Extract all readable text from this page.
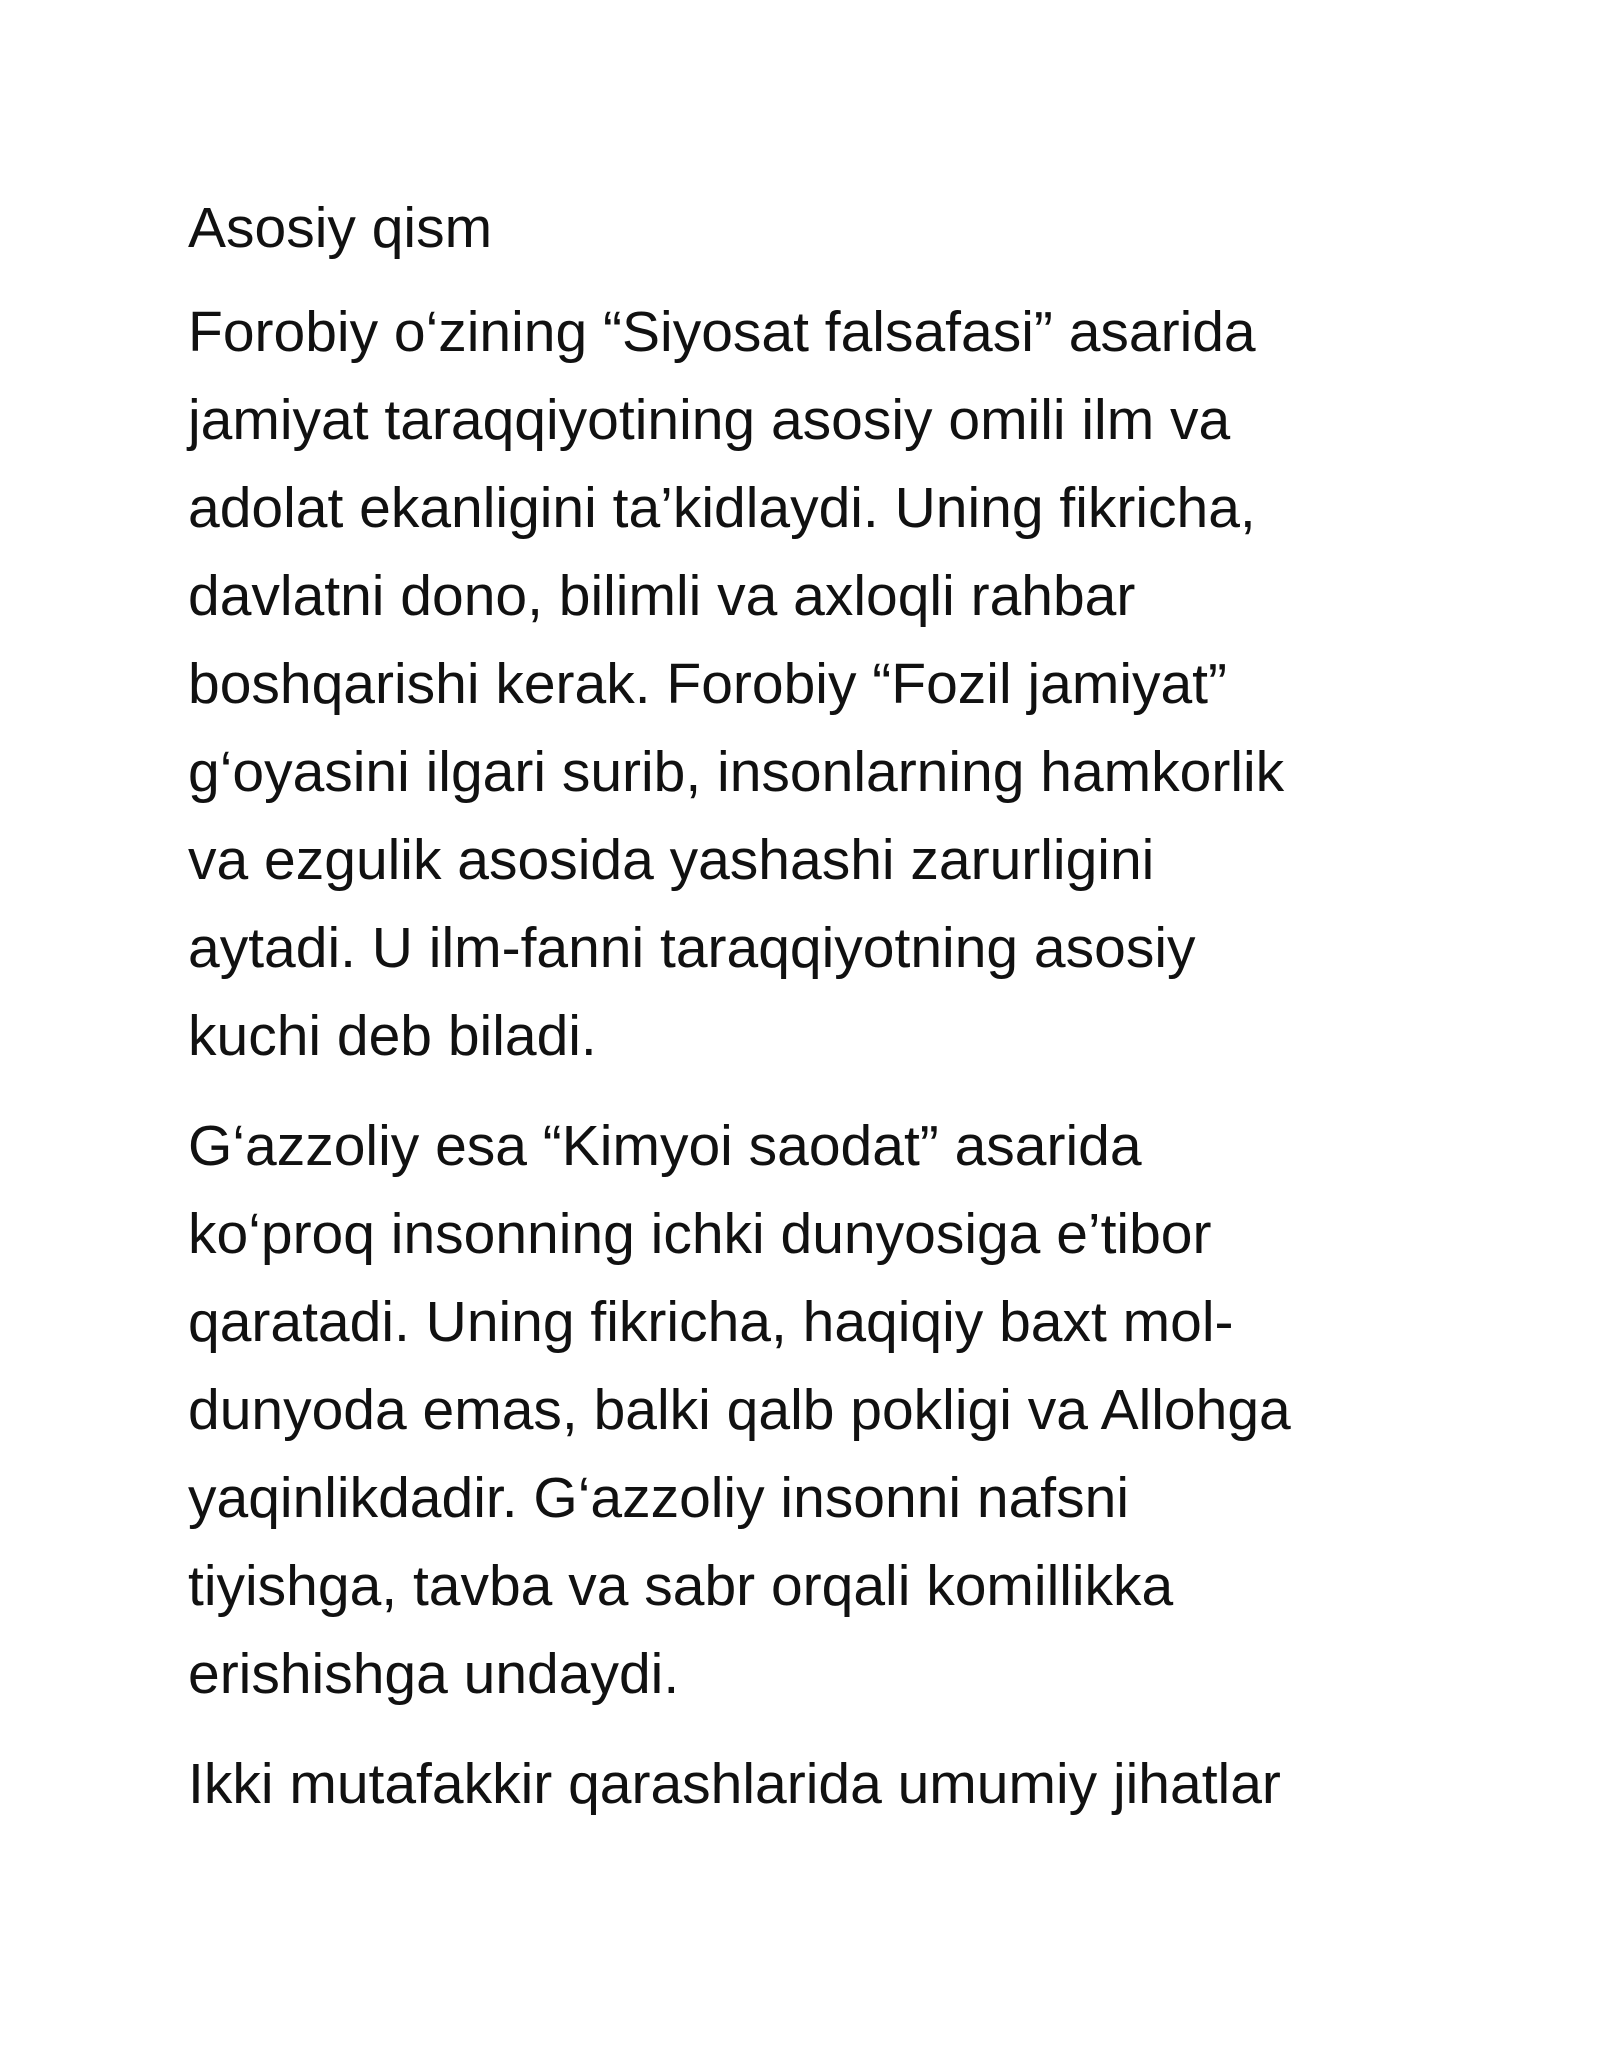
Asosiy qism

Forobiy o‘zining “Siyosat falsafasi” asarida
jamiyat taraqqiyotining asosiy omili ilm va
adolat ekanligini ta’kidlaydi. Uning fikricha,
davlatni dono, bilimli va axloqli rahbar
boshqarishi kerak. Forobiy “Fozil jamiyat”
g‘oyasini ilgari surib, insonlarning hamkorlik
va ezgulik asosida yashashi zarurligini
aytadi. U ilm-fanni taraqqiyotning asosiy
kuchi deb biladi.

G‘azzoliy esa “Kimyoi saodat” asarida
ko‘proq insonning ichki dunyosiga e’tibor
qaratadi. Uning fikricha, haqiqiy baxt mol-
dunyoda emas, balki qalb pokligi va Allohga
yaqinlikdadir. G‘azzoliy insonni nafsni
tiyishga, tavba va sabr orqali komillikka
erishishga undaydi.

Ikki mutafakkir qarashlarida umumiy jihatlar
